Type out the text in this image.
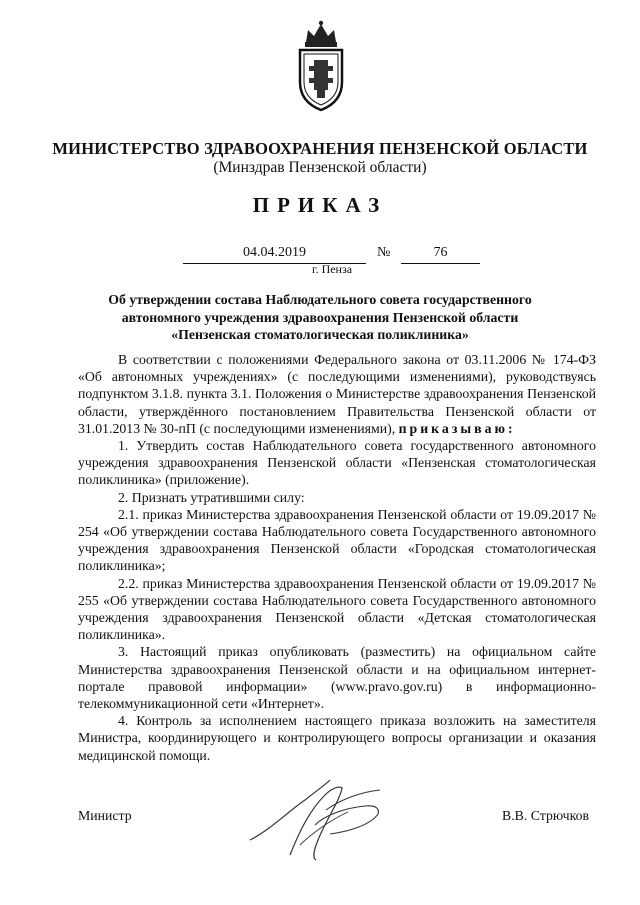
МИНИСТЕРСТВО ЗДРАВООХРАНЕНИЯ ПЕНЗЕНСКОЙ ОБЛАСТИ
(Минздрав Пензенской области)
ПРИКАЗ
04.04.2019	№	76
г. Пенза
Об утверждении состава Наблюдательного совета государственного
автономного учреждения здравоохранения Пензенской области
«Пензенская стоматологическая поликлиника»

В соответствии с положениями Федерального закона от 03.11.2006 № 174-ФЗ «Об автономных учреждениях» (с последующими изменениями), руководствуясь подпунктом 3.1.8. пункта 3.1. Положения о Министерстве здравоохранения Пензенской области, утверждённого постановлением Правительства Пензенской области от 31.01.2013 № 30-пП (с последующими изменениями), приказываю:

1. Утвердить состав Наблюдательного совета государственного автономного учреждения здравоохранения Пензенской области «Пензенская стоматологическая поликлиника» (приложение).

2. Признать утратившими силу:

2.1. приказ Министерства здравоохранения Пензенской области от 19.09.2017 № 254 «Об утверждении состава Наблюдательного совета Государственного автономного учреждения здравоохранения Пензенской области «Городская стоматологическая поликлиника»;

2.2. приказ Министерства здравоохранения Пензенской области от 19.09.2017 № 255 «Об утверждении состава Наблюдательного совета Государственного автономного учреждения здравоохранения Пензенской области «Детская стоматологическая поликлиника».

3. Настоящий приказ опубликовать (разместить) на официальном сайте Министерства здравоохранения Пензенской области и на официальном интернет-портале правовой информации» (www.pravo.gov.ru) в информационно-телекоммуникационной сети «Интернет».

4. Контроль за исполнением настоящего приказа возложить на заместителя Министра, координирующего и контролирующего вопросы организации и оказания медицинской помощи.

Министр	В.В. Стрючков
